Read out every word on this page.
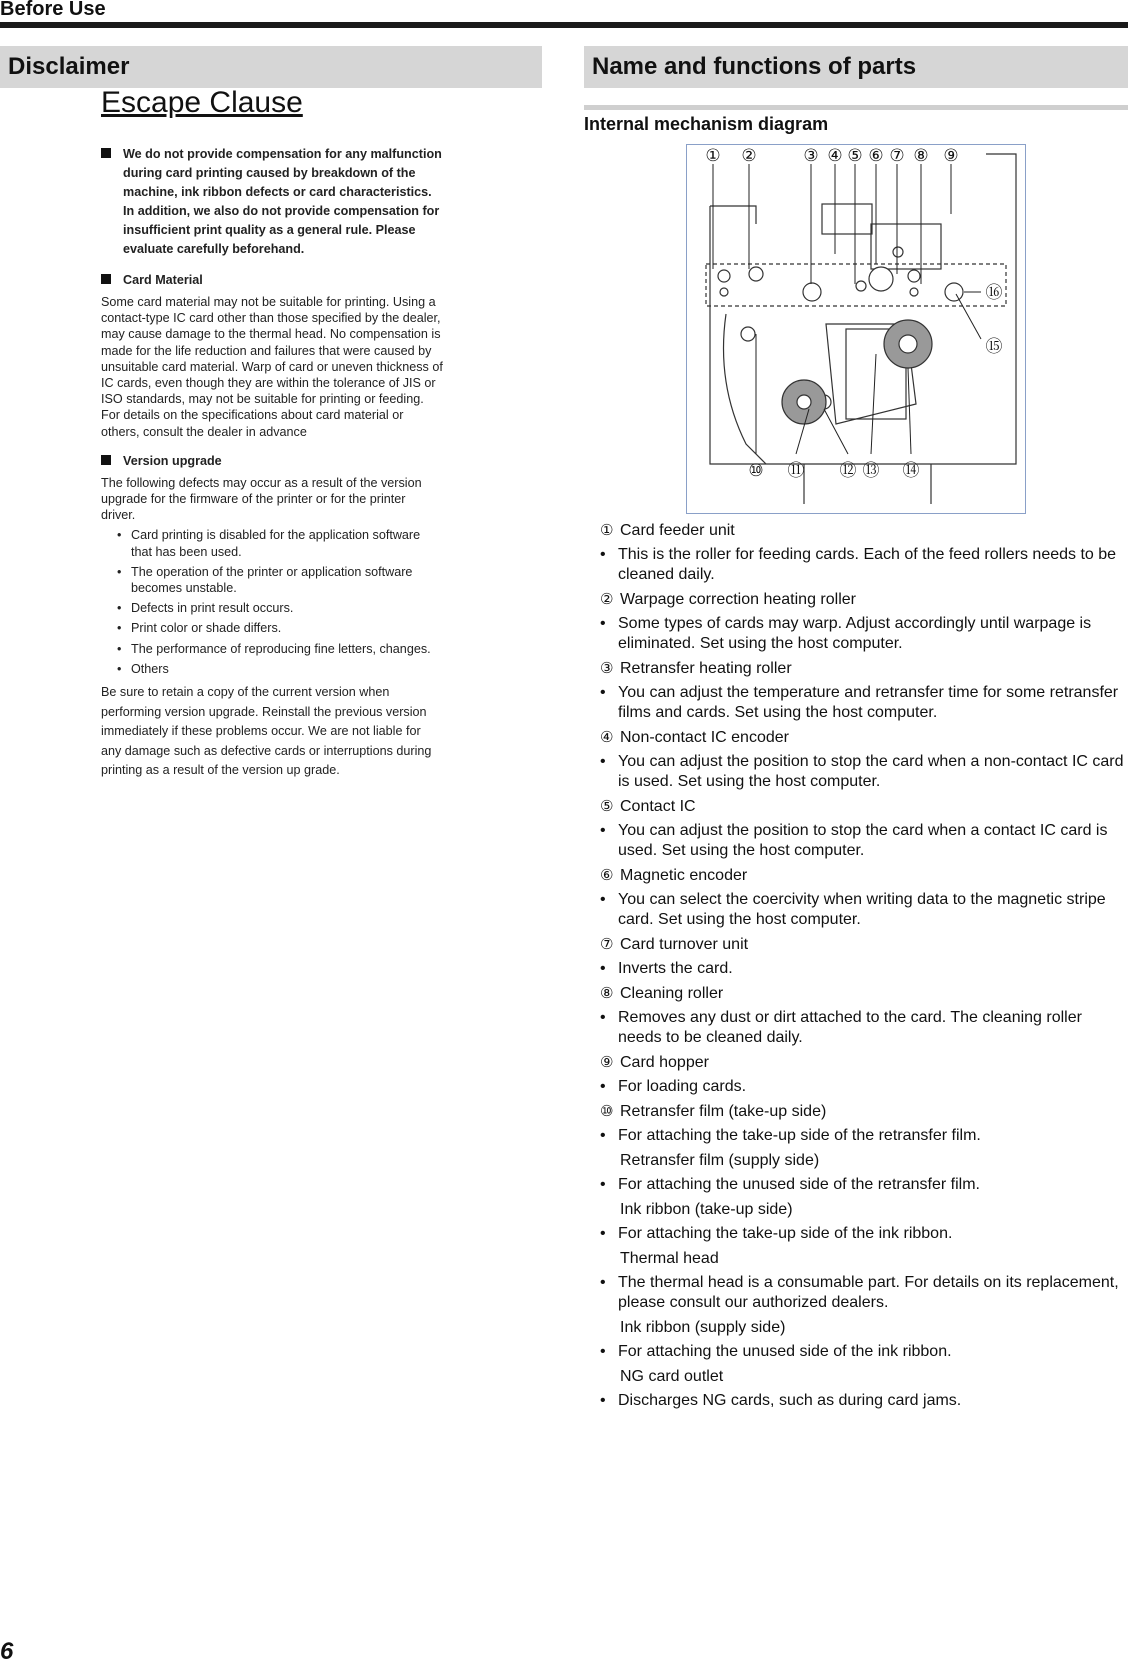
Before Use
Disclaimer	Name and functions of parts
Escape Clause

We do not provide compensation for any malfunction during card printing caused by breakdown of the machine, ink ribbon defects or card characteristics. In addition, we also do not provide compensation for insufficient print quality as a general rule. Please evaluate carefully beforehand.

Card Material

Some card material may not be suitable for printing. Using a contact-type IC card other than those specified by the dealer, may cause damage to the thermal head. No compensation is made for the life reduction and failures that were caused by unsuitable card material. Warp of card or uneven thickness of IC cards, even though they are within the tolerance of JIS or ISO standards, may not be suitable for printing or feeding. For details on the specifications about card material or others, consult the dealer in advance

Version upgrade

The following defects may occur as a result of the version upgrade for the firmware of the printer or for the printer driver.

• Card printing is disabled for the application software that has been used.
• The operation of the printer or application software becomes unstable.
• Defects in print result occurs.
• Print color or shade differs.
• The performance of reproducing fine letters, changes.
• Others

Be sure to retain a copy of the current version when performing version upgrade. Reinstall the previous version immediately if these problems occur. We are not liable for any damage such as defective cards or interruptions during printing as a result of the version up grade.

Internal mechanism diagram
① ②	③ ④ ⑤ ⑥ ⑦ ⑧ ⑨
⑩ ⑪ ⑫ ⑬ ⑭
⑮
⑯
① Card feeder unit
• This is the roller for feeding cards. Each of the feed rollers needs to be cleaned daily.
② Warpage correction heating roller
• Some types of cards may warp. Adjust accordingly until warpage is eliminated. Set using the host computer.
③ Retransfer heating roller
• You can adjust the temperature and retransfer time for some retransfer films and cards. Set using the host computer.
④ Non-contact IC encoder
• You can adjust the position to stop the card when a non-contact IC card is used. Set using the host computer.
⑤ Contact IC
• You can adjust the position to stop the card when a contact IC card is used. Set using the host computer.
⑥ Magnetic encoder
• You can select the coercivity when writing data to the magnetic stripe card. Set using the host computer.
⑦ Card turnover unit
• Inverts the card.
⑧ Cleaning roller
• Removes any dust or dirt attached to the card. The cleaning roller needs to be cleaned daily.
⑨ Card hopper
• For loading cards.
⑩ Retransfer film (take-up side)
• For attaching the take-up side of the retransfer film.
Retransfer film (supply side)
• For attaching the unused side of the retransfer film.
Ink ribbon (take-up side)
• For attaching the take-up side of the ink ribbon.
Thermal head
• The thermal head is a consumable part. For details on its replacement, please consult our authorized dealers.
Ink ribbon (supply side)
• For attaching the unused side of the ink ribbon.
NG card outlet
• Discharges NG cards, such as during card jams.
6
